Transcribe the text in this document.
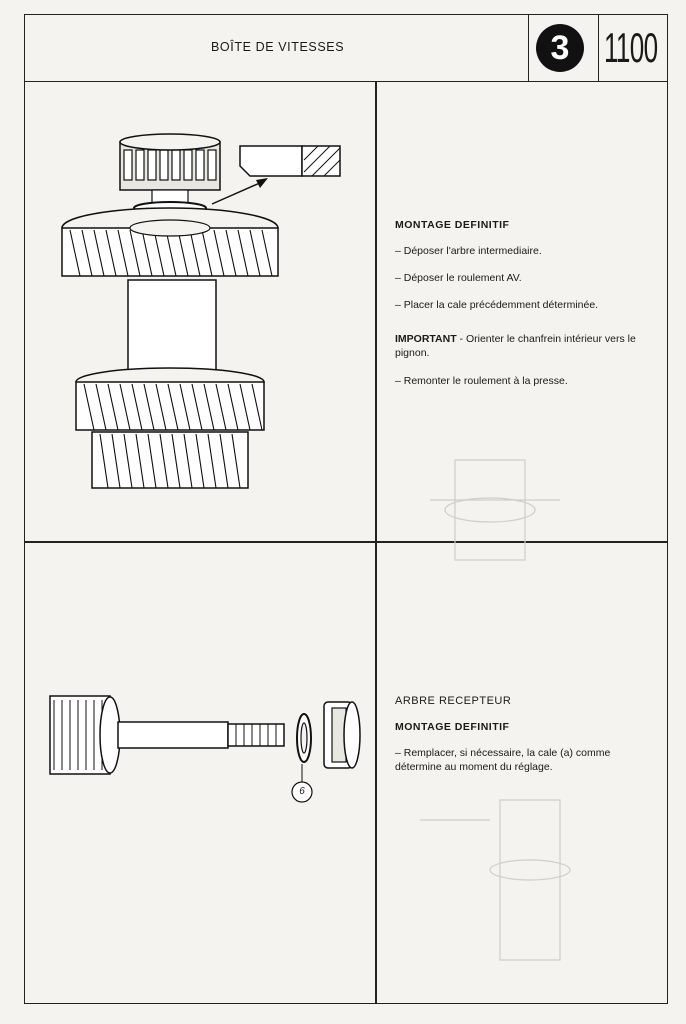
BOÎTE DE VITESSES	3 1100
MONTAGE DEFINITIF

– Déposer l'arbre intermediaire.

– Déposer le roulement AV.

– Placer la cale précédemment déterminée.

IMPORTANT - Orienter le chanfrein intérieur vers le pignon.

– Remonter le roulement à la presse.

6
ARBRE RECEPTEUR
MONTAGE DEFINITIF

– Remplacer, si nécessaire, la cale (a) comme détermine au moment du réglage.
